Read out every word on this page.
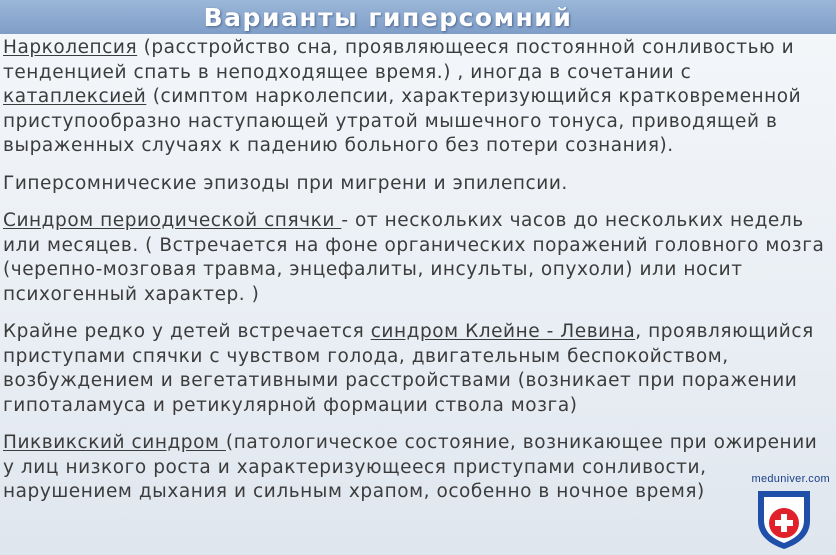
Варианты гиперсомний
Нарколепсия (расстройство сна, проявляющееся постоянной сонливостью и
тенденцией спать в неподходящее время.) , иногда в сочетании с
катаплексией (симптом нарколепсии, характеризующийся кратковременной
приступообразно наступающей утратой мышечного тонуса, приводящей в
выраженных случаях к падению больного без потери сознания).
Гиперсомнические эпизоды при мигрени и эпилепсии.
Синдром периодической спячки - от нескольких часов до нескольких недель
или месяцев. ( Встречается на фоне органических поражений головного мозга
(черепно-мозговая травма, энцефалиты, инсульты, опухоли) или носит
психогенный характер. )
Крайне редко у детей встречается синдром Клейне - Левина, проявляющийся
приступами спячки с чувством голода, двигательным беспокойством,
возбуждением и вегетативными расстройствами (возникает при поражении
гипоталамуса и ретикулярной формации ствола мозга)
Пиквикский синдром (патологическое состояние, возникающее при ожирении
у лиц низкого роста и характеризующееся приступами сонливости,
нарушением дыхания и сильным храпом, особенно в ночное время)
meduniver.com
